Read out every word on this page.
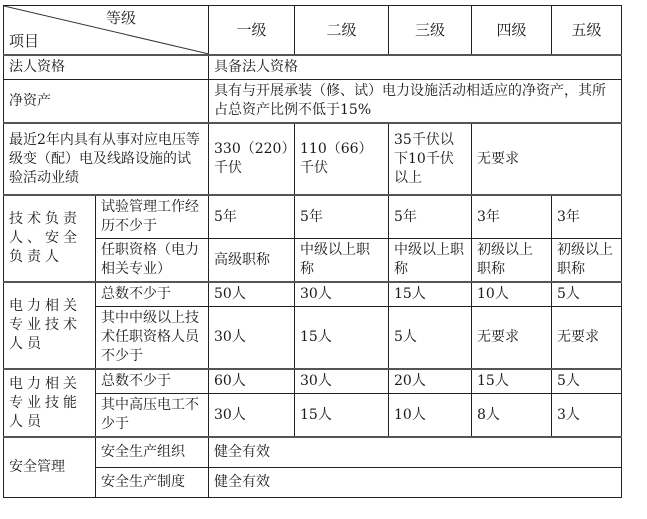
等级
项目		一级	二级	三级	四级	五级
法人资格		具备法人资格				
净资产		具有与开展承装（修、试）电力设施活动相适应的净资产，其所占总资产比例不低于15%				
最近2年内具有从事对应电压等级变（配）电及线路设施的试验活动业绩		330（220）千伏	110（66）千伏	35千伏以下10千伏以上	无要求	
技术负责人、安全负责人	试验管理工作经历不少于	5年	5年	5年	3年	3年
	任职资格（电力相关专业）	高级职称	中级以上职称	中级以上职称	初级以上职称	初级以上职称
电力相关专业技术人员	总数不少于	50人	30人	15人	10人	5人
	其中中级以上技术任职资格人员不少于	30人	15人	5人	无要求	无要求
电力相关专业技能人员	总数不少于	60人	30人	20人	15人	5人
	其中高压电工不少于	30人	15人	10人	8人	3人
安全管理	安全生产组织	健全有效				
	安全生产制度	健全有效				
